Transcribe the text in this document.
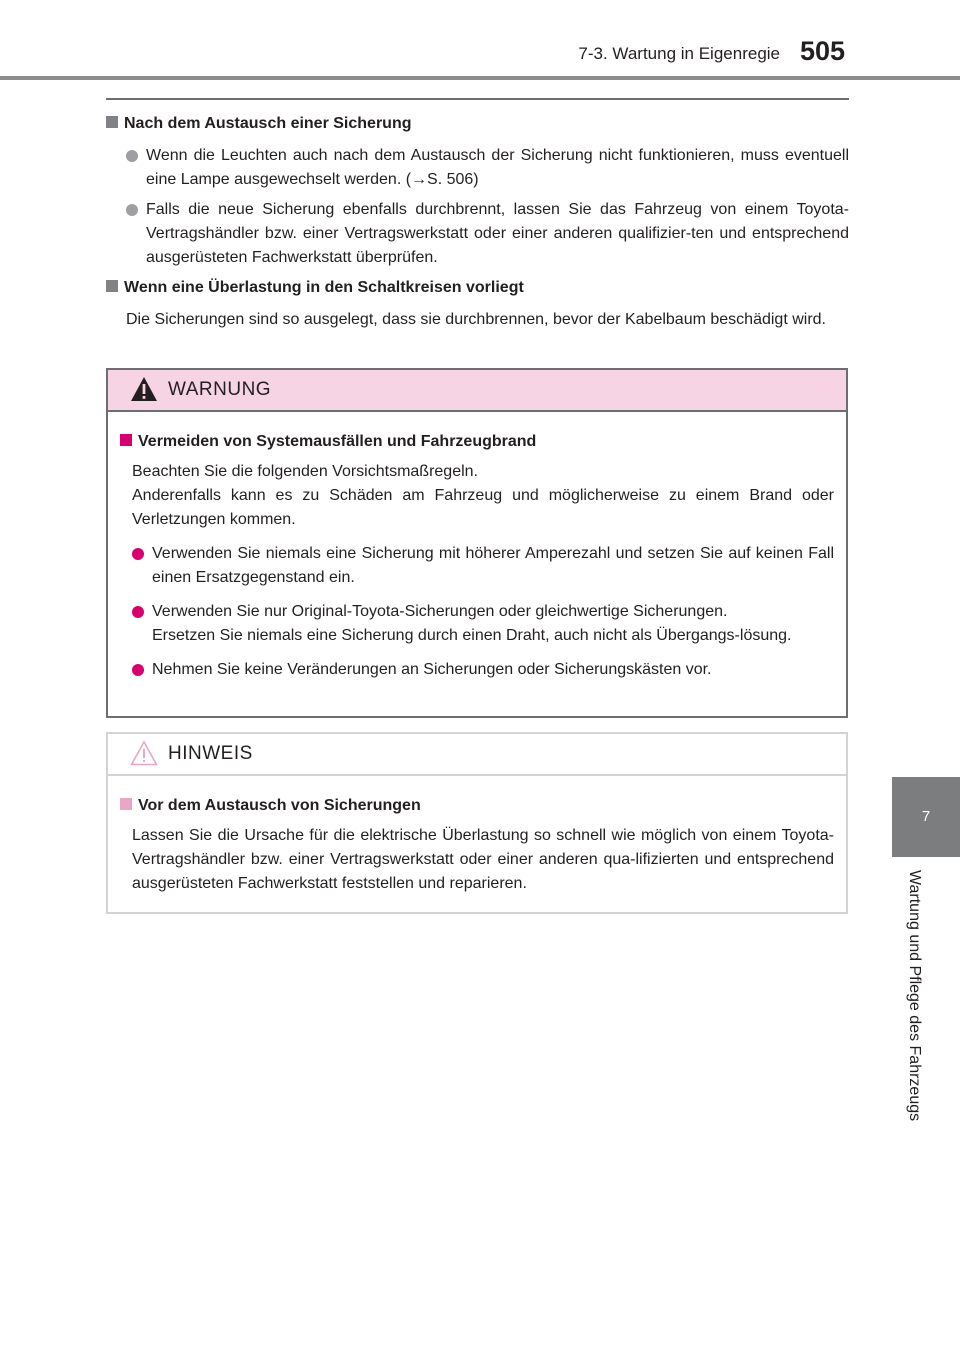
7-3. Wartung in Eigenregie 505
7
Wartung und Pflege des Fahrzeugs
Nach dem Austausch einer Sicherung
Wenn die Leuchten auch nach dem Austausch der Sicherung nicht funktionieren, muss eventuell eine Lampe ausgewechselt werden. (→S. 506)
Falls die neue Sicherung ebenfalls durchbrennt, lassen Sie das Fahrzeug von einem Toyota-Vertragshändler bzw. einer Vertragswerkstatt oder einer anderen qualifizier-ten und entsprechend ausgerüsteten Fachwerkstatt überprüfen.
Wenn eine Überlastung in den Schaltkreisen vorliegt
Die Sicherungen sind so ausgelegt, dass sie durchbrennen, bevor der Kabelbaum beschädigt wird.
WARNUNG
Vermeiden von Systemausfällen und Fahrzeugbrand
Beachten Sie die folgenden Vorsichtsmaßregeln.
Anderenfalls kann es zu Schäden am Fahrzeug und möglicherweise zu einem Brand oder Verletzungen kommen.
Verwenden Sie niemals eine Sicherung mit höherer Amperezahl und setzen Sie auf keinen Fall einen Ersatzgegenstand ein.
Verwenden Sie nur Original-Toyota-Sicherungen oder gleichwertige Sicherungen.
Ersetzen Sie niemals eine Sicherung durch einen Draht, auch nicht als Übergangs-lösung.
Nehmen Sie keine Veränderungen an Sicherungen oder Sicherungskästen vor.
HINWEIS
Vor dem Austausch von Sicherungen
Lassen Sie die Ursache für die elektrische Überlastung so schnell wie möglich von einem Toyota-Vertragshändler bzw. einer Vertragswerkstatt oder einer anderen qua-lifizierten und entsprechend ausgerüsteten Fachwerkstatt feststellen und reparieren.
